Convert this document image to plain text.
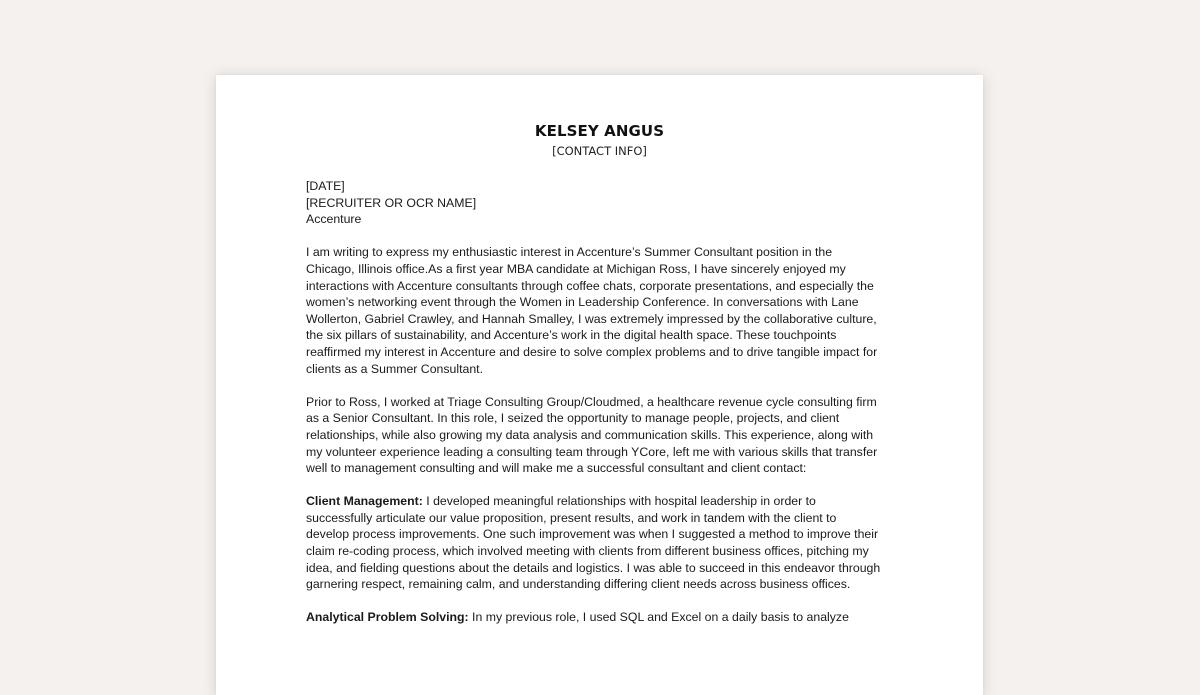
KELSEY ANGUS
[CONTACT INFO]

[DATE]
[RECRUITER OR OCR NAME]
Accenture

I am writing to express my enthusiastic interest in Accenture’s Summer Consultant position in the
Chicago, Illinois office.As a first year MBA candidate at Michigan Ross, I have sincerely enjoyed my
interactions with Accenture consultants through coffee chats, corporate presentations, and especially the
women’s networking event through the Women in Leadership Conference. In conversations with Lane
Wollerton, Gabriel Crawley, and Hannah Smalley, I was extremely impressed by the collaborative culture,
the six pillars of sustainability, and Accenture’s work in the digital health space. These touchpoints
reaffirmed my interest in Accenture and desire to solve complex problems and to drive tangible impact for
clients as a Summer Consultant.

Prior to Ross, I worked at Triage Consulting Group/Cloudmed, a healthcare revenue cycle consulting firm
as a Senior Consultant. In this role, I seized the opportunity to manage people, projects, and client
relationships, while also growing my data analysis and communication skills. This experience, along with
my volunteer experience leading a consulting team through YCore, left me with various skills that transfer
well to management consulting and will make me a successful consultant and client contact:

Client Management: I developed meaningful relationships with hospital leadership in order to
successfully articulate our value proposition, present results, and work in tandem with the client to
develop process improvements. One such improvement was when I suggested a method to improve their
claim re-coding process, which involved meeting with clients from different business offices, pitching my
idea, and fielding questions about the details and logistics. I was able to succeed in this endeavor through
garnering respect, remaining calm, and understanding differing client needs across business offices.

Analytical Problem Solving: In my previous role, I used SQL and Excel on a daily basis to analyze
